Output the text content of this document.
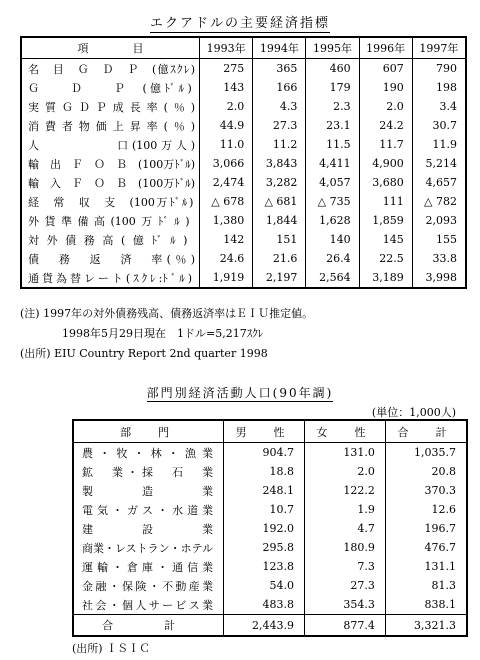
エクアドルの主要経済指標
項　　　　目	1993年	1994年	1995年	1996年	1997年
名　目　Ｇ　Ｄ　Ｐ　(億ｽｸﾚ)	275	365	460	607	790
Ｇ　　Ｄ　　Ｐ　(億ﾄﾞﾙ)	143	166	179	190	198
実質ＧＤＰ成長率(％)	2.0	4.3	2.3	2.0	3.4
消費者物価上昇率(％)	44.9	27.3	23.1	24.2	30.7
人　　　　　口(100万人)	11.0	11.2	11.5	11.7	11.9
輸　出　Ｆ　Ｏ　Ｂ　(100万ﾄﾞﾙ)	3,066	3,843	4,411	4,900	5,214
輸　入　Ｆ　Ｏ　Ｂ　(100万ﾄﾞﾙ)	2,474	3,282	4,057	3,680	4,657
経　常　収　支　(100万ﾄﾞﾙ)	△ 678	△ 681	△ 735	111	△ 782
外貨準備高(100万ﾄﾞﾙ)	1,380	1,844	1,628	1,859	2,093
対外債務高(億ﾄﾞﾙ)	142	151	140	145	155
債　務　返　済　率(％)	24.6	21.6	26.4	22.5	33.8
通貨為替レート(ｽｸﾚ:ﾄﾞﾙ)	1,919	2,197	2,564	3,189	3,998
(注) 1997年の対外債務残高、債務返済率はＥＩＵ推定値。
1998年5月29日現在　1ドル=5,217ｽｸﾚ
(出所) EIU Country Report 2nd quarter 1998
部門別経済活動人口(90年調)
(単位：1,000人)
部　門	男　性	女　性	合　計
農・牧・林・漁業	904.7	131.0	1,035.7
鉱　業・採　石　業	18.8	2.0	20.8
製　　造　　業	248.1	122.2	370.3
電気・ガス・水道業	10.7	1.9	12.6
建　　設　　業	192.0	4.7	196.7
商業・レストラン・ホテル	295.8	180.9	476.7
運輸・倉庫・通信業	123.8	7.3	131.1
金融・保険・不動産業	54.0	27.3	81.3
社会・個人サービス業	483.8	354.3	838.1
合　計	2,443.9	877.4	3,321.3
(出所) ＩＳＩＣ
